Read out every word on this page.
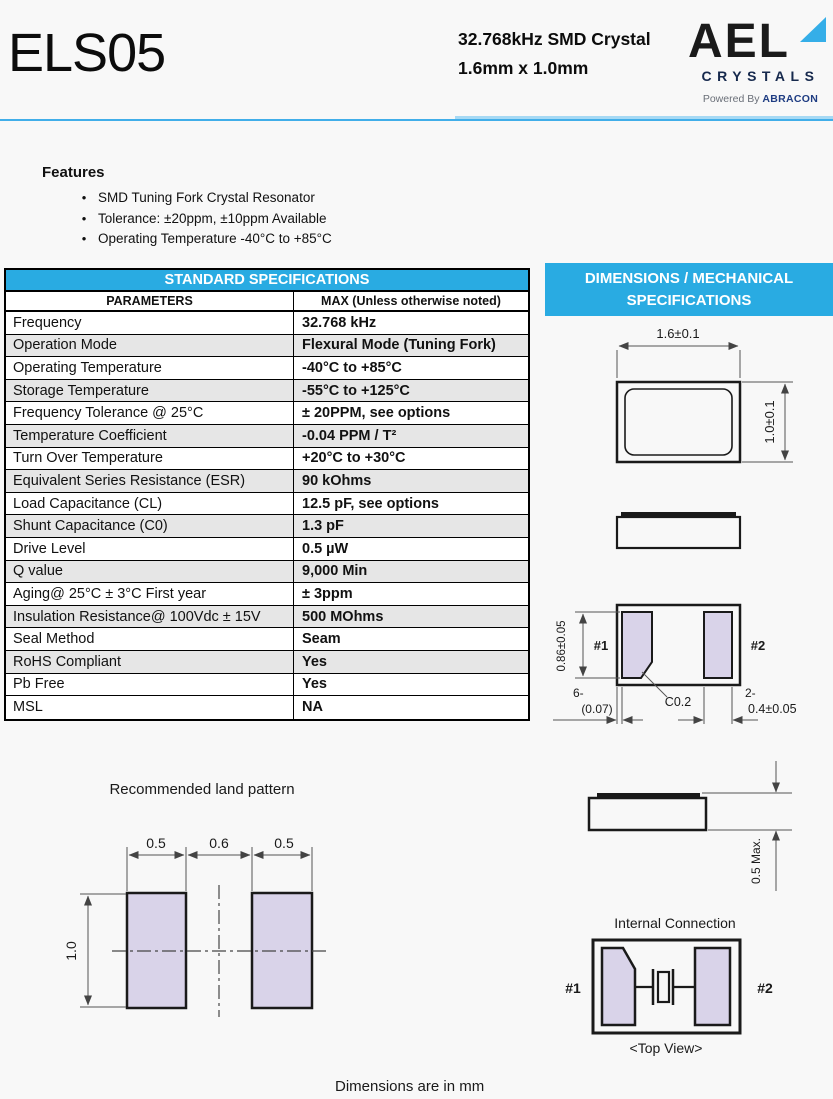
ELS05	32.768kHz SMD Crystal
1.6mm x 1.0mm	AEL
CRYSTALS
Powered By ABRACON
Features
• SMD Tuning Fork Crystal Resonator
• Tolerance: ±20ppm, ±10ppm Available
• Operating Temperature -40°C to +85°C
STANDARD SPECIFICATIONS
PARAMETERS	MAX (Unless otherwise noted)
Frequency	32.768 kHz
Operation Mode	Flexural Mode (Tuning Fork)
Operating Temperature	-40°C to +85°C
Storage Temperature	-55°C to +125°C
Frequency Tolerance @ 25°C	± 20PPM, see options
Temperature Coefficient	-0.04 PPM / T²
Turn Over Temperature	+20°C to +30°C
Equivalent Series Resistance (ESR)	90 kOhms
Load Capacitance (CL)	12.5 pF, see options
Shunt Capacitance (C0)	1.3 pF
Drive Level	0.5 µW
Q value	9,000 Min
Aging@ 25°C ± 3°C First year	± 3ppm
Insulation Resistance@ 100Vdc ± 15V	500 MOhms
Seal Method	Seam
RoHS Compliant	Yes
Pb Free	Yes
MSL	NA
DIMENSIONS / MECHANICAL
SPECIFICATIONS
1.6±0.1
1.0±0.1
#1	#2
0.86±0.05
6-
(0.07)	C0.2
2-
0.4±0.05
0.5 Max.
Internal Connection
#1	#2
<Top View>
Recommended land pattern
0.5	0.6	0.5
1.0
Dimensions are in mm
